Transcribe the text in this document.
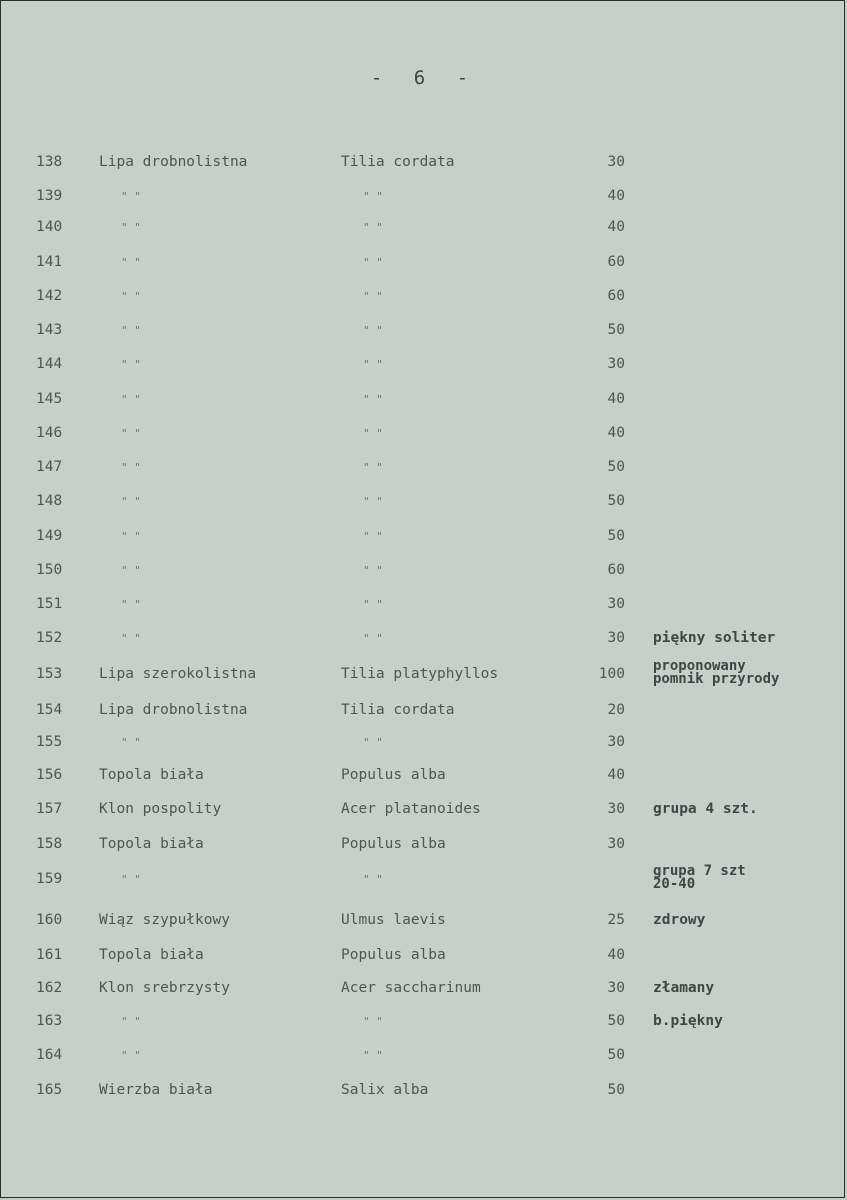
- 6 -
138	Lipa drobnolistna	Tilia cordata	30
139	" "	" "	40
140	" "	" "	40
141	" "	" "	60
142	" "	" "	60
143	" "	" "	50
144	" "	" "	30
145	" "	" "	40
146	" "	" "	40
147	" "	" "	50
148	" "	" "	50
149	" "	" "	50
150	" "	" "	60
151	" "	" "	30
152	" "	" "	30 piękny soliter
153	Lipa szerokolistna	Tilia platyphyllos	100 proponowany
pomnik przyrody
154	Lipa drobnolistna	Tilia cordata	20
155	" "	" "	30
156	Topola biała	Populus alba	40
157	Klon pospolity	Acer platanoides	30 grupa 4 szt.
158	Topola biała	Populus alba	30
159	" "	" "
grupa 7 szt
20-40
160	Wiąz szypułkowy	Ulmus laevis	25 zdrowy
161	Topola biała	Populus alba	40
162	Klon srebrzysty	Acer saccharinum	30 złamany
163	" "	" "	50 b.piękny
164	" "	" "	50
165	Wierzba biała	Salix alba	50
